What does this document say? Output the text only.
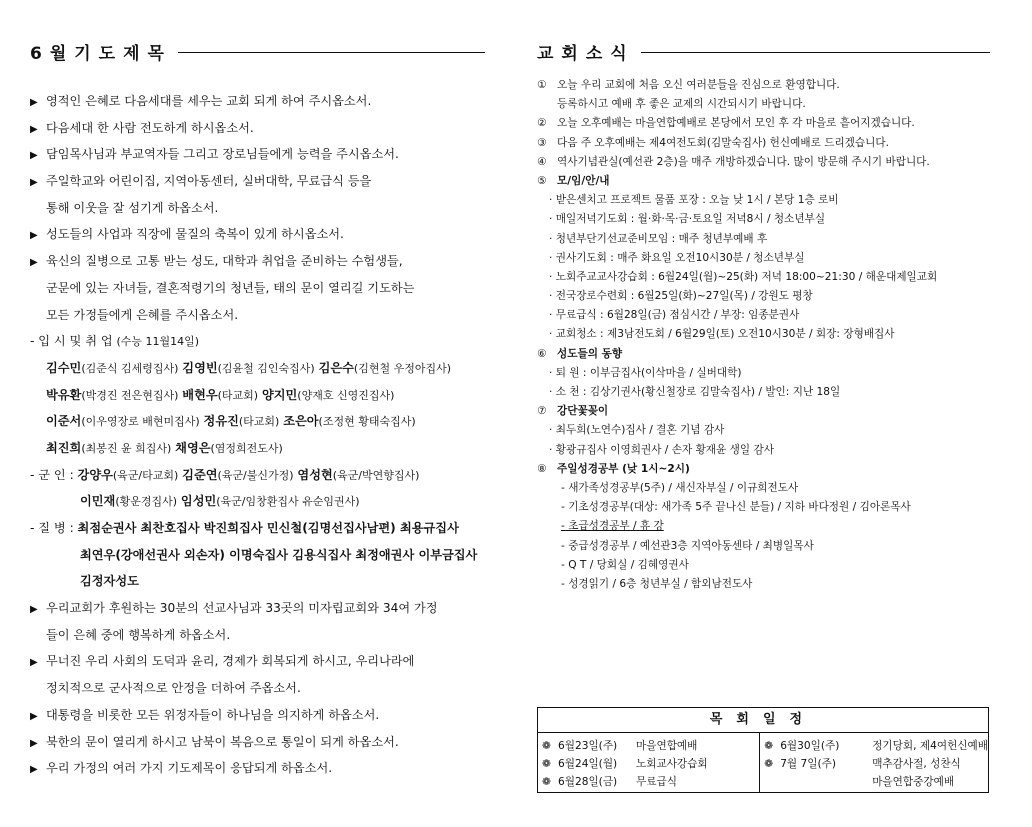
6월기도제목
▶ 영적인 은혜로 다음세대를 세우는 교회 되게 하여 주시옵소서.
▶ 다음세대 한 사람 전도하게 하시옵소서.
▶ 담임목사님과 부교역자들 그리고 장로님들에게 능력을 주시옵소서.
▶ 주일학교와 어린이집, 지역아동센터, 실버대학, 무료급식 등을
통해 이웃을 잘 섬기게 하옵소서.
▶ 성도들의 사업과 직장에 물질의 축복이 있게 하시옵소서.
▶ 육신의 질병으로 고통 받는 성도, 대학과 취업을 준비하는 수험생들,
군문에 있는 자녀들, 결혼적령기의 청년들, 태의 문이 열리길 기도하는
모든 가정들에게 은혜를 주시옵소서.
- 입 시 및 취 업 (수능 11월14일)
김수민(김준식 김세령집사) 김영빈(김윤철 김인숙집사) 김은수(김현철 우정아집사)
박유환(박경진 전은현집사) 배현우(타교회) 양지민(양재호 신영진집사)
이준서(이우영장로 배현미집사) 정유진(타교회) 조은아(조정현 황태숙집사)
최진희(최봉진 윤 희집사) 채영은(염정희전도사)
- 군 인 : 강양우(육군/타교회) 김준연(육군/불신가정) 염성현(육군/박연향집사)
이민재(황운경집사) 임성민(육군/임창환집사 유순임권사)
- 질 병 : 최점순권사 최찬호집사 박진희집사 민신철(김명선집사남편) 최용규집사
최연우(강애선권사 외손자) 이명숙집사 김용식집사 최정애권사 이부금집사
김정자성도
▶ 우리교회가 후원하는 30분의 선교사님과 33곳의 미자립교회와 34여 가정
들이 은혜 중에 행복하게 하옵소서.
▶ 무너진 우리 사회의 도덕과 윤리, 경제가 회복되게 하시고, 우리나라에
정치적으로 군사적으로 안정을 더하여 주옵소서.
▶ 대통령을 비롯한 모든 위정자들이 하나님을 의지하게 하옵소서.
▶ 북한의 문이 열리게 하시고 남북이 복음으로 통일이 되게 하옵소서.
▶ 우리 가정의 여러 가지 기도제목이 응답되게 하옵소서.
교회소식
① 오늘 우리 교회에 처음 오신 여러분들을 진심으로 환영합니다.
등록하시고 예배 후 좋은 교제의 시간되시기 바랍니다.
② 오늘 오후예배는 마을연합예배로 본당에서 모인 후 각 마을로 흩어지겠습니다.
③ 다음 주 오후예배는 제4여전도회(김말숙집사) 헌신예배로 드리겠습니다.
④ 역사기념관실(예선관 2층)을 매주 개방하겠습니다. 많이 방문해 주시기 바랍니다.
⑤ 모/임/안/내
· 받은센치고 프로젝트 물품 포장 : 오늘 낮 1시 / 본당 1층 로비
· 매일저녁기도회 : 월·화·목·금·토요일 저녁8시 / 청소년부실
· 청년부단기선교준비모임 : 매주 청년부예배 후
· 권사기도회 : 매주 화요일 오전10시30분 / 청소년부실
· 노회주교교사강습회 : 6월24일(월)~25(화) 저녁 18:00~21:30 / 해운대제일교회
· 전국장로수련회 : 6월25일(화)~27일(목) / 강원도 평창
· 무료급식 : 6월28일(금) 점심시간 / 부장: 임종분권사
· 교회청소 : 제3남전도회 / 6월29일(토) 오전10시30분 / 회장: 장형배집사
⑥ 성도들의 동향
· 퇴 원 : 이부금집사(이삭마을 / 실버대학)
· 소 천 : 김상기권사(황신철장로 김말숙집사) / 발인: 지난 18일
⑦ 강단꽃꽂이
· 최두희(노연수)집사 / 결혼 기념 감사
· 황광규집사 이영희권사 / 손자 황재윤 생일 감사
⑧ 주일성경공부 (낮 1시~2시)
- 새가족성경공부(5주) / 새신자부실 / 이규희전도사
- 기초성경공부(대상: 새가족 5주 끝나신 분들) / 지하 바다정원 / 김아론목사
- 초급성경공부 / 휴 강
- 중급성경공부 / 예선관3층 지역아동센타 / 최병일목사
- Q T / 당회실 / 김혜영권사
- 성경읽기 / 6층 청년부실 / 함외남전도사
목회일정
❁ 6월23일(주)	마을연합예배
❁ 6월24일(월)	노회교사강습회
❁ 6월28일(금)	무료급식
❁ 6월30일(주)	정기당회, 제4여헌신예배
❁ 7월 7일(주)	맥추감사절, 성찬식
마을연합중강예배
